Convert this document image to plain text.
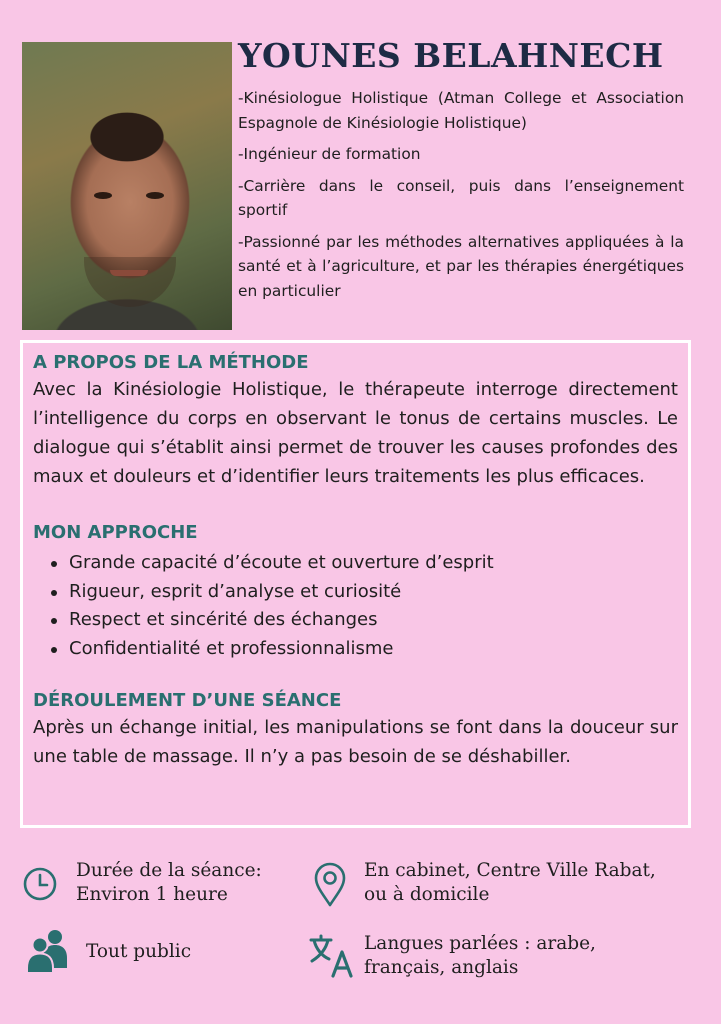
YOUNES BELAHNECH
-Kinésiologue Holistique (Atman College et Association Espagnole de Kinésiologie Holistique)
-Ingénieur de formation
-Carrière dans le conseil, puis dans l’enseignement sportif
-Passionné par les méthodes alternatives appliquées à la santé et à l’agriculture, et par les thérapies énergétiques en particulier
A PROPOS DE LA MÉTHODE

Avec la Kinésiologie Holistique, le thérapeute interroge directement l’intelligence du corps en observant le tonus de certains muscles. Le dialogue qui s’établit ainsi permet de trouver les causes profondes des maux et douleurs et d’identifier leurs traitements les plus efficaces.

MON APPROCHE
Grande capacité d’écoute et ouverture d’esprit
Rigueur, esprit d’analyse et curiosité
Respect et sincérité des échanges
Confidentialité et professionnalisme
DÉROULEMENT D’UNE SÉANCE

Après un échange initial, les manipulations se font dans la douceur sur une table de massage. Il n’y a pas besoin de se déshabiller.

Durée de la séance:
Environ 1 heure
En cabinet, Centre Ville Rabat,
ou à domicile
Tout public	Langues parlées : arabe,
français, anglais
